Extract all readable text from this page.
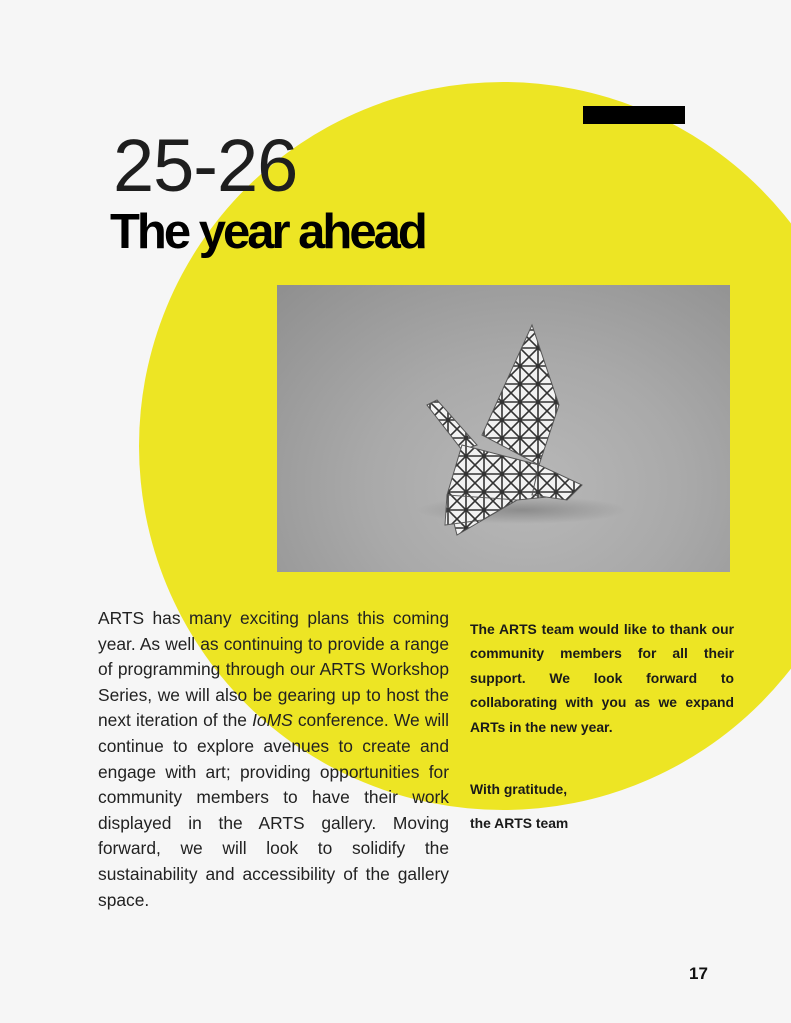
25-26
The year ahead

ARTS has many exciting plans this coming year. As well as continuing to provide a range of programming through our ARTS Workshop Series, we will also be gearing up to host the next iteration of the IoMS conference. We will continue to explore avenues to create and engage with art; providing opportunities for community members to have their work displayed in the ARTS gallery. Moving forward, we will look to solidify the sustainability and accessibility of the gallery space.

The ARTS team would like to thank our community members for all their support. We look forward to collaborating with you as we expand ARTs in the new year.

With gratitude,
the ARTS team
17
